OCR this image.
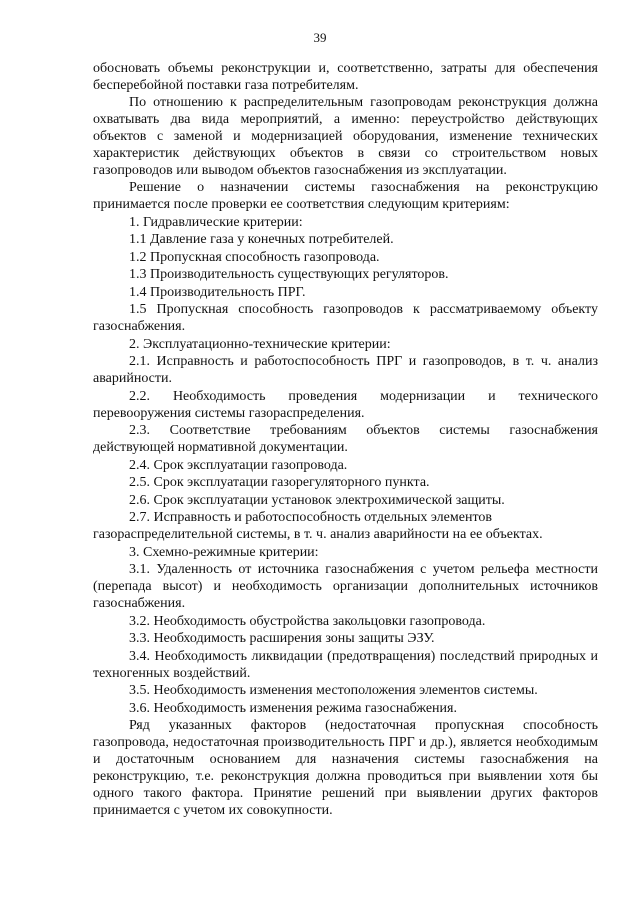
39

обосновать объемы реконструкции и, соответственно, затраты для обеспечения бесперебойной поставки газа потребителям.

По отношению к распределительным газопроводам реконструкция должна охватывать два вида мероприятий, а именно: переустройство действующих объектов с заменой и модернизацией оборудования, изменение технических характеристик действующих объектов в связи со строительством новых газопроводов или выводом объектов газоснабжения из эксплуатации.

Решение о назначении системы газоснабжения на реконструкцию принимается после проверки ее соответствия следующим критериям:

1. Гидравлические критерии:

1.1 Давление газа у конечных потребителей.

1.2 Пропускная способность газопровода.

1.3 Производительность существующих регуляторов.

1.4 Производительность ПРГ.

1.5 Пропускная способность газопроводов к рассматриваемому объекту газоснабжения.

2. Эксплуатационно-технические критерии:

2.1. Исправность и работоспособность ПРГ и газопроводов, в т. ч. анализ аварийности.

2.2. Необходимость проведения модернизации и технического перевооружения системы газораспределения.

2.3. Соответствие требованиям объектов системы газоснабжения действующей нормативной документации.

2.4. Срок эксплуатации газопровода.

2.5. Срок эксплуатации газорегуляторного пункта.

2.6. Срок эксплуатации установок электрохимической защиты.

2.7. Исправность и работоспособность отдельных элементов

газораспределительной системы, в т. ч. анализ аварийности на ее объектах.

3. Схемно-режимные критерии:

3.1. Удаленность от источника газоснабжения с учетом рельефа местности (перепада высот) и необходимость организации дополнительных источников газоснабжения.

3.2. Необходимость обустройства закольцовки газопровода.

3.3. Необходимость расширения зоны защиты ЭЗУ.

3.4. Необходимость ликвидации (предотвращения) последствий природных и техногенных воздействий.

3.5. Необходимость изменения местоположения элементов системы.

3.6. Необходимость изменения режима газоснабжения.

Ряд указанных факторов (недостаточная пропускная способность газопровода, недостаточная производительность ПРГ и др.), является необходимым и достаточным основанием для назначения системы газоснабжения на реконструкцию, т.е. реконструкция должна проводиться при выявлении хотя бы одного такого фактора. Принятие решений при выявлении других факторов принимается с учетом их совокупности.
